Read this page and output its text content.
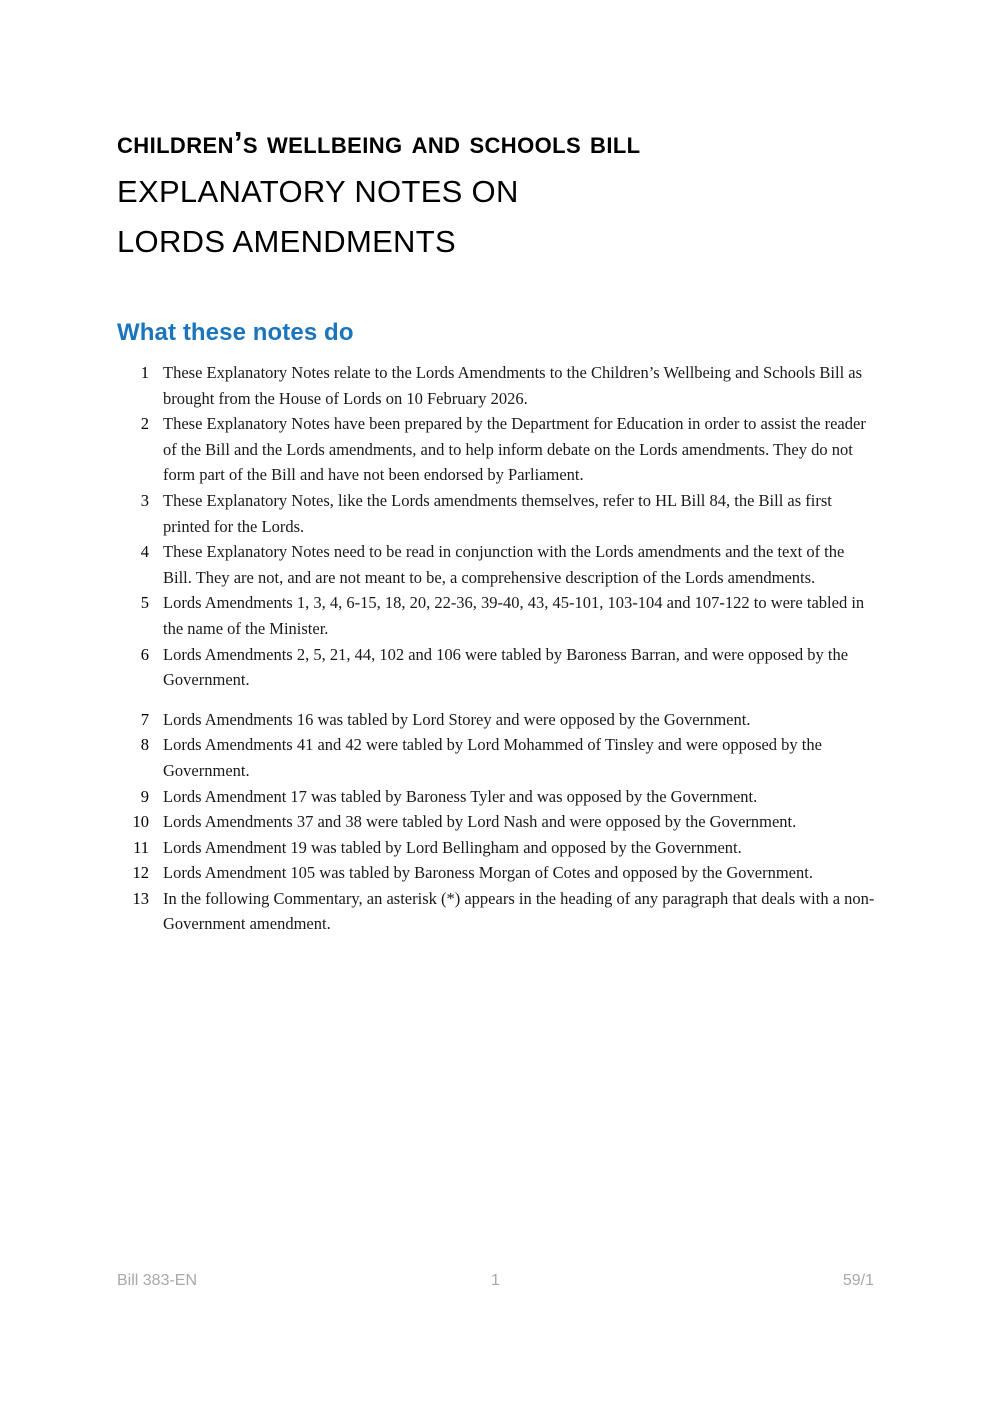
children’s wellbeing and schools bill
EXPLANATORY NOTES ON
LORDS AMENDMENTS
What these notes do
1 These Explanatory Notes relate to the Lords Amendments to the Children’s Wellbeing and Schools Bill as brought from the House of Lords on 10 February 2026.
2 These Explanatory Notes have been prepared by the Department for Education in order to assist the reader of the Bill and the Lords amendments, and to help inform debate on the Lords amendments. They do not form part of the Bill and have not been endorsed by Parliament.
3 These Explanatory Notes, like the Lords amendments themselves, refer to HL Bill 84, the Bill as first printed for the Lords.
4 These Explanatory Notes need to be read in conjunction with the Lords amendments and the text of the Bill. They are not, and are not meant to be, a comprehensive description of the Lords amendments.
5 Lords Amendments 1, 3, 4, 6-15, 18, 20, 22-36, 39-40, 43, 45-101, 103-104 and 107-122 to were tabled in the name of the Minister.
6 Lords Amendments 2, 5, 21, 44, 102 and 106 were tabled by Baroness Barran, and were opposed by the Government.
7 Lords Amendments 16 was tabled by Lord Storey and were opposed by the Government.
8 Lords Amendments 41 and 42 were tabled by Lord Mohammed of Tinsley and were opposed by the Government.
9 Lords Amendment 17 was tabled by Baroness Tyler and was opposed by the Government.
10 Lords Amendments 37 and 38 were tabled by Lord Nash and were opposed by the Government.
11 Lords Amendment 19 was tabled by Lord Bellingham and opposed by the Government.
12 Lords Amendment 105 was tabled by Baroness Morgan of Cotes and opposed by the Government.
13 In the following Commentary, an asterisk (*) appears in the heading of any paragraph that deals with a non-Government amendment.
Bill 383-EN	1	59/1
